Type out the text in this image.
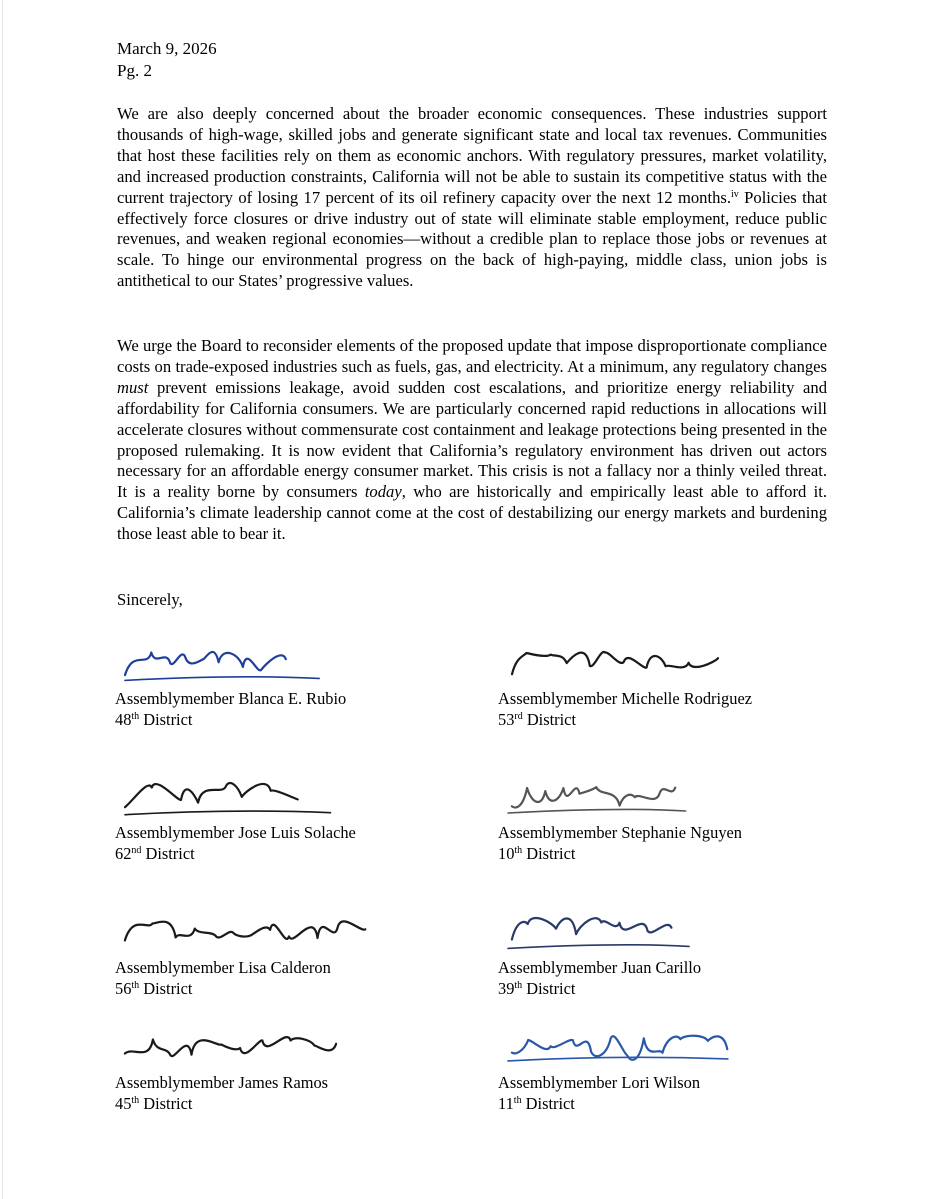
March 9, 2026
Pg. 2
We are also deeply concerned about the broader economic consequences. These industries support thousands of high-wage, skilled jobs and generate significant state and local tax revenues. Communities that host these facilities rely on them as economic anchors. With regulatory pressures, market volatility, and increased production constraints, California will not be able to sustain its competitive status with the current trajectory of losing 17 percent of its oil refinery capacity over the next 12 months.$^{iv}$ Policies that effectively force closures or drive industry out of state will eliminate stable employment, reduce public revenues, and weaken regional economies—without a credible plan to replace those jobs or revenues at scale. To hinge our environmental progress on the back of high-paying, middle class, union jobs is antithetical to our States’ progressive values.
We urge the Board to reconsider elements of the proposed update that impose disproportionate compliance costs on trade-exposed industries such as fuels, gas, and electricity. At a minimum, any regulatory changes must prevent emissions leakage, avoid sudden cost escalations, and prioritize energy reliability and affordability for California consumers. We are particularly concerned rapid reductions in allocations will accelerate closures without commensurate cost containment and leakage protections being presented in the proposed rulemaking. It is now evident that California’s regulatory environment has driven out actors necessary for an affordable energy consumer market. This crisis is not a fallacy nor a thinly veiled threat. It is a reality borne by consumers today, who are historically and empirically least able to afford it. California’s climate leadership cannot come at the cost of destabilizing our energy markets and burdening those least able to bear it.
Sincerely,
Assemblymember Blanca E. Rubio
48th District
Assemblymember Michelle Rodriguez
53rd District
Assemblymember Jose Luis Solache
62nd District
Assemblymember Stephanie Nguyen
10th District
Assemblymember Lisa Calderon
56th District
Assemblymember Juan Carillo
39th District
Assemblymember James Ramos
45th District
Assemblymember Lori Wilson
11th District
